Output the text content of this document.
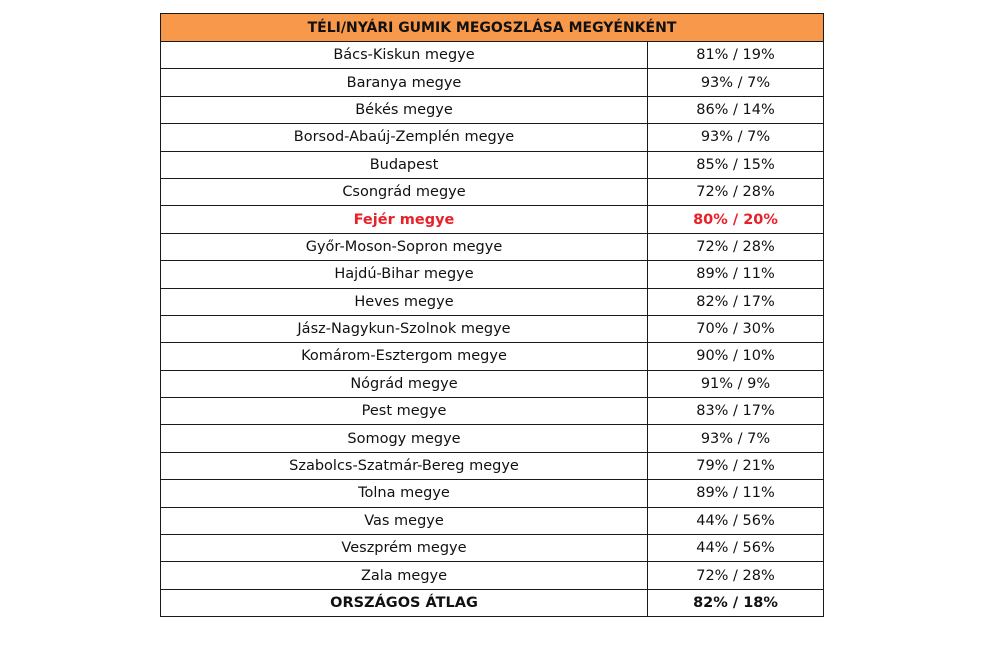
TÉLI/NYÁRI GUMIK MEGOSZLÁSA MEGYÉNKÉNT	
Bács-Kiskun megye	81% / 19%
Baranya megye	93% / 7%
Békés megye	86% / 14%
Borsod-Abaúj-Zemplén megye	93% / 7%
Budapest	85% / 15%
Csongrád megye	72% / 28%
Fejér megye	80% / 20%
Győr-Moson-Sopron megye	72% / 28%
Hajdú-Bihar megye	89% / 11%
Heves megye	82% / 17%
Jász-Nagykun-Szolnok megye	70% / 30%
Komárom-Esztergom megye	90% / 10%
Nógrád megye	91% / 9%
Pest megye	83% / 17%
Somogy megye	93% / 7%
Szabolcs-Szatmár-Bereg megye	79% / 21%
Tolna megye	89% / 11%
Vas megye	44% / 56%
Veszprém megye	44% / 56%
Zala megye	72% / 28%
ORSZÁGOS ÁTLAG	82% / 18%
